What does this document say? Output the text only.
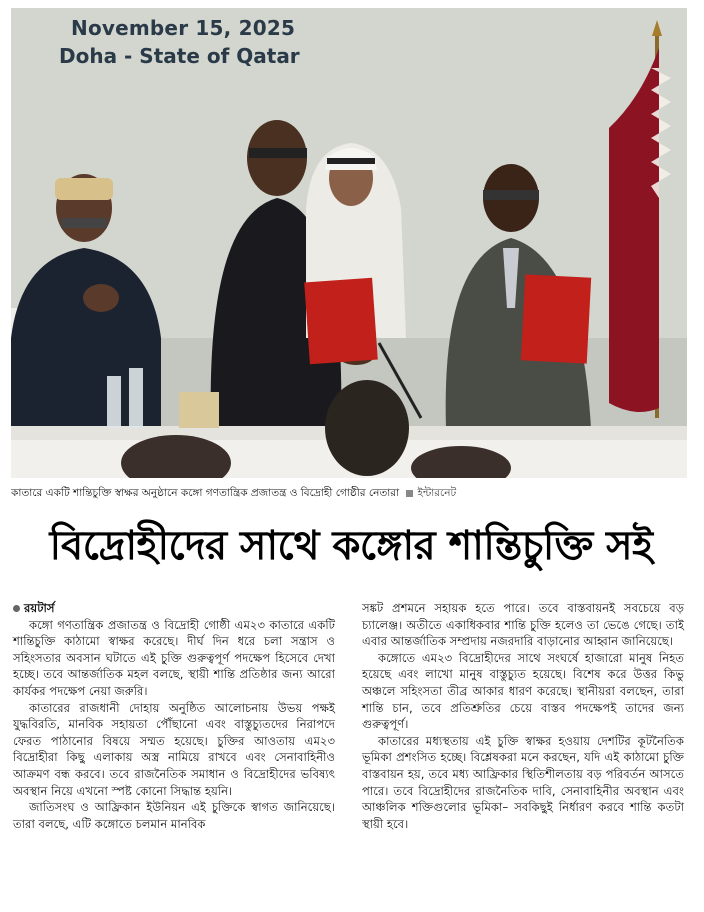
November 15, 2025
Doha - State of Qatar
কাতারে একটি শান্তিচুক্তি স্বাক্ষর অনুষ্ঠানে কঙ্গো গণতান্ত্রিক প্রজাতন্ত্র ও বিদ্রোহী গোষ্ঠীর নেতারা ইন্টারনেট
বিদ্রোহীদের সাথে কঙ্গোর শান্তিচুক্তি সই
রয়টার্স

কঙ্গো গণতান্ত্রিক প্রজাতন্ত্র ও বিদ্রোহী গোষ্ঠী এম২৩ কাতারে একটি শান্তিচুক্তি কাঠামো স্বাক্ষর করেছে। দীর্ঘ দিন ধরে চলা সন্ত্রাস ও সহিংসতার অবসান ঘটাতে এই চুক্তি গুরুত্বপূর্ণ পদক্ষেপ হিসেবে দেখা হচ্ছে। তবে আন্তর্জাতিক মহল বলছে, স্থায়ী শান্তি প্রতিষ্ঠার জন্য আরো কার্যকর পদক্ষেপ নেয়া জরুরি।

কাতারের রাজধানী দোহায় অনুষ্ঠিত আলোচনায় উভয় পক্ষই যুদ্ধবিরতি, মানবিক সহায়তা পৌঁছানো এবং বাস্তুচ্যুতদের নিরাপদে ফেরত পাঠানোর বিষয়ে সম্মত হয়েছে। চুক্তির আওতায় এম২৩ বিদ্রোহীরা কিছু এলাকায় অস্ত্র নামিয়ে রাখবে এবং সেনাবাহিনীও আক্রমণ বন্ধ করবে। তবে রাজনৈতিক সমাধান ও বিদ্রোহীদের ভবিষ্যৎ অবস্থান নিয়ে এখনো স্পষ্ট কোনো সিদ্ধান্ত হয়নি।

জাতিসংঘ ও আফ্রিকান ইউনিয়ন এই চুক্তিকে স্বাগত জানিয়েছে। তারা বলছে, এটি কঙ্গোতে চলমান মানবিক

সঙ্কট প্রশমনে সহায়ক হতে পারে। তবে বাস্তবায়নই সবচেয়ে বড় চ্যালেঞ্জ। অতীতে একাধিকবার শান্তি চুক্তি হলেও তা ভেঙে গেছে। তাই এবার আন্তর্জাতিক সম্প্রদায় নজরদারি বাড়ানোর আহ্বান জানিয়েছে।

কঙ্গোতে এম২৩ বিদ্রোহীদের সাথে সংঘর্ষে হাজারো মানুষ নিহত হয়েছে এবং লাখো মানুষ বাস্তুচ্যুত হয়েছে। বিশেষ করে উত্তর কিভু অঞ্চলে সহিংসতা তীব্র আকার ধারণ করেছে। স্থানীয়রা বলছেন, তারা শান্তি চান, তবে প্রতিশ্রুতির চেয়ে বাস্তব পদক্ষেপই তাদের জন্য গুরুত্বপূর্ণ।

কাতারের মধ্যস্থতায় এই চুক্তি স্বাক্ষর হওয়ায় দেশটির কূটনৈতিক ভূমিকা প্রশংসিত হচ্ছে। বিশ্লেষকরা মনে করছেন, যদি এই কাঠামো চুক্তি বাস্তবায়ন হয়, তবে মধ্য আফ্রিকার স্থিতিশীলতায় বড় পরিবর্তন আসতে পারে। তবে বিদ্রোহীদের রাজনৈতিক দাবি, সেনাবাহিনীর অবস্থান এবং আঞ্চলিক শক্তিগুলোর ভূমিকা– সবকিছুই নির্ধারণ করবে শান্তি কতটা স্থায়ী হবে।
